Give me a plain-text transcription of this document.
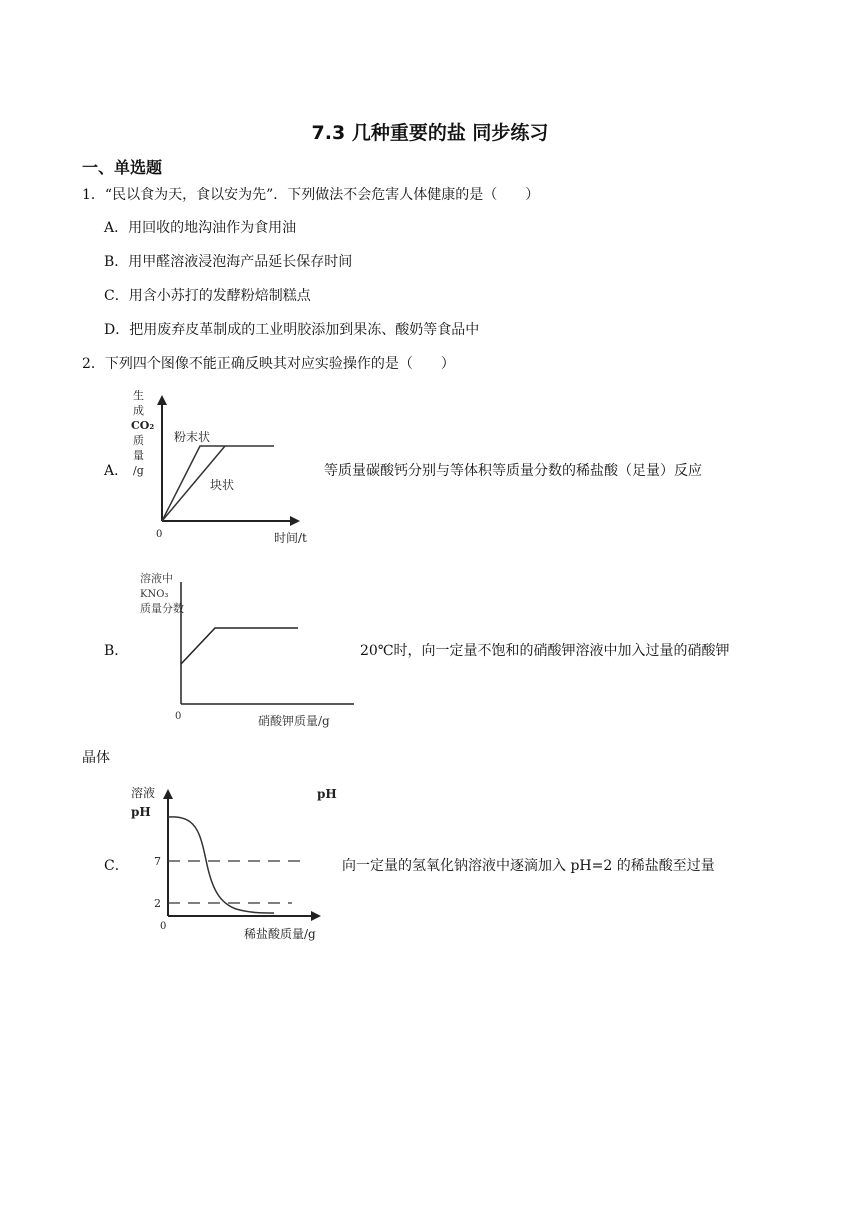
7.3 几种重要的盐 同步练习
一、单选题
1．“民以食为天，食以安为先”．下列做法不会危害人体健康的是（　　）
A．用回收的地沟油作为食用油
B．用甲醛溶液浸泡海产品延长保存时间
C．用含小苏打的发酵粉焙制糕点
D．把用废弃皮革制成的工业明胶添加到果冻、酸奶等食品中
2．下列四个图像不能正确反映其对应实验操作的是（　　）
A．
生
成
CO₂
质
量
/g
粉末状
块状
0	时间/t
等质量碳酸钙分别与等体积等质量分数的稀盐酸（足量）反应
B．
溶液中
KNO₃
质量分数
0	硝酸钾质量/g
20℃时，向一定量不饱和的硝酸钾溶液中加入过量的硝酸钾
晶体
C．
溶液
pH
pH
7
2
0
稀盐酸质量/g
向一定量的氢氧化钠溶液中逐滴加入 pH=2 的稀盐酸至过量
